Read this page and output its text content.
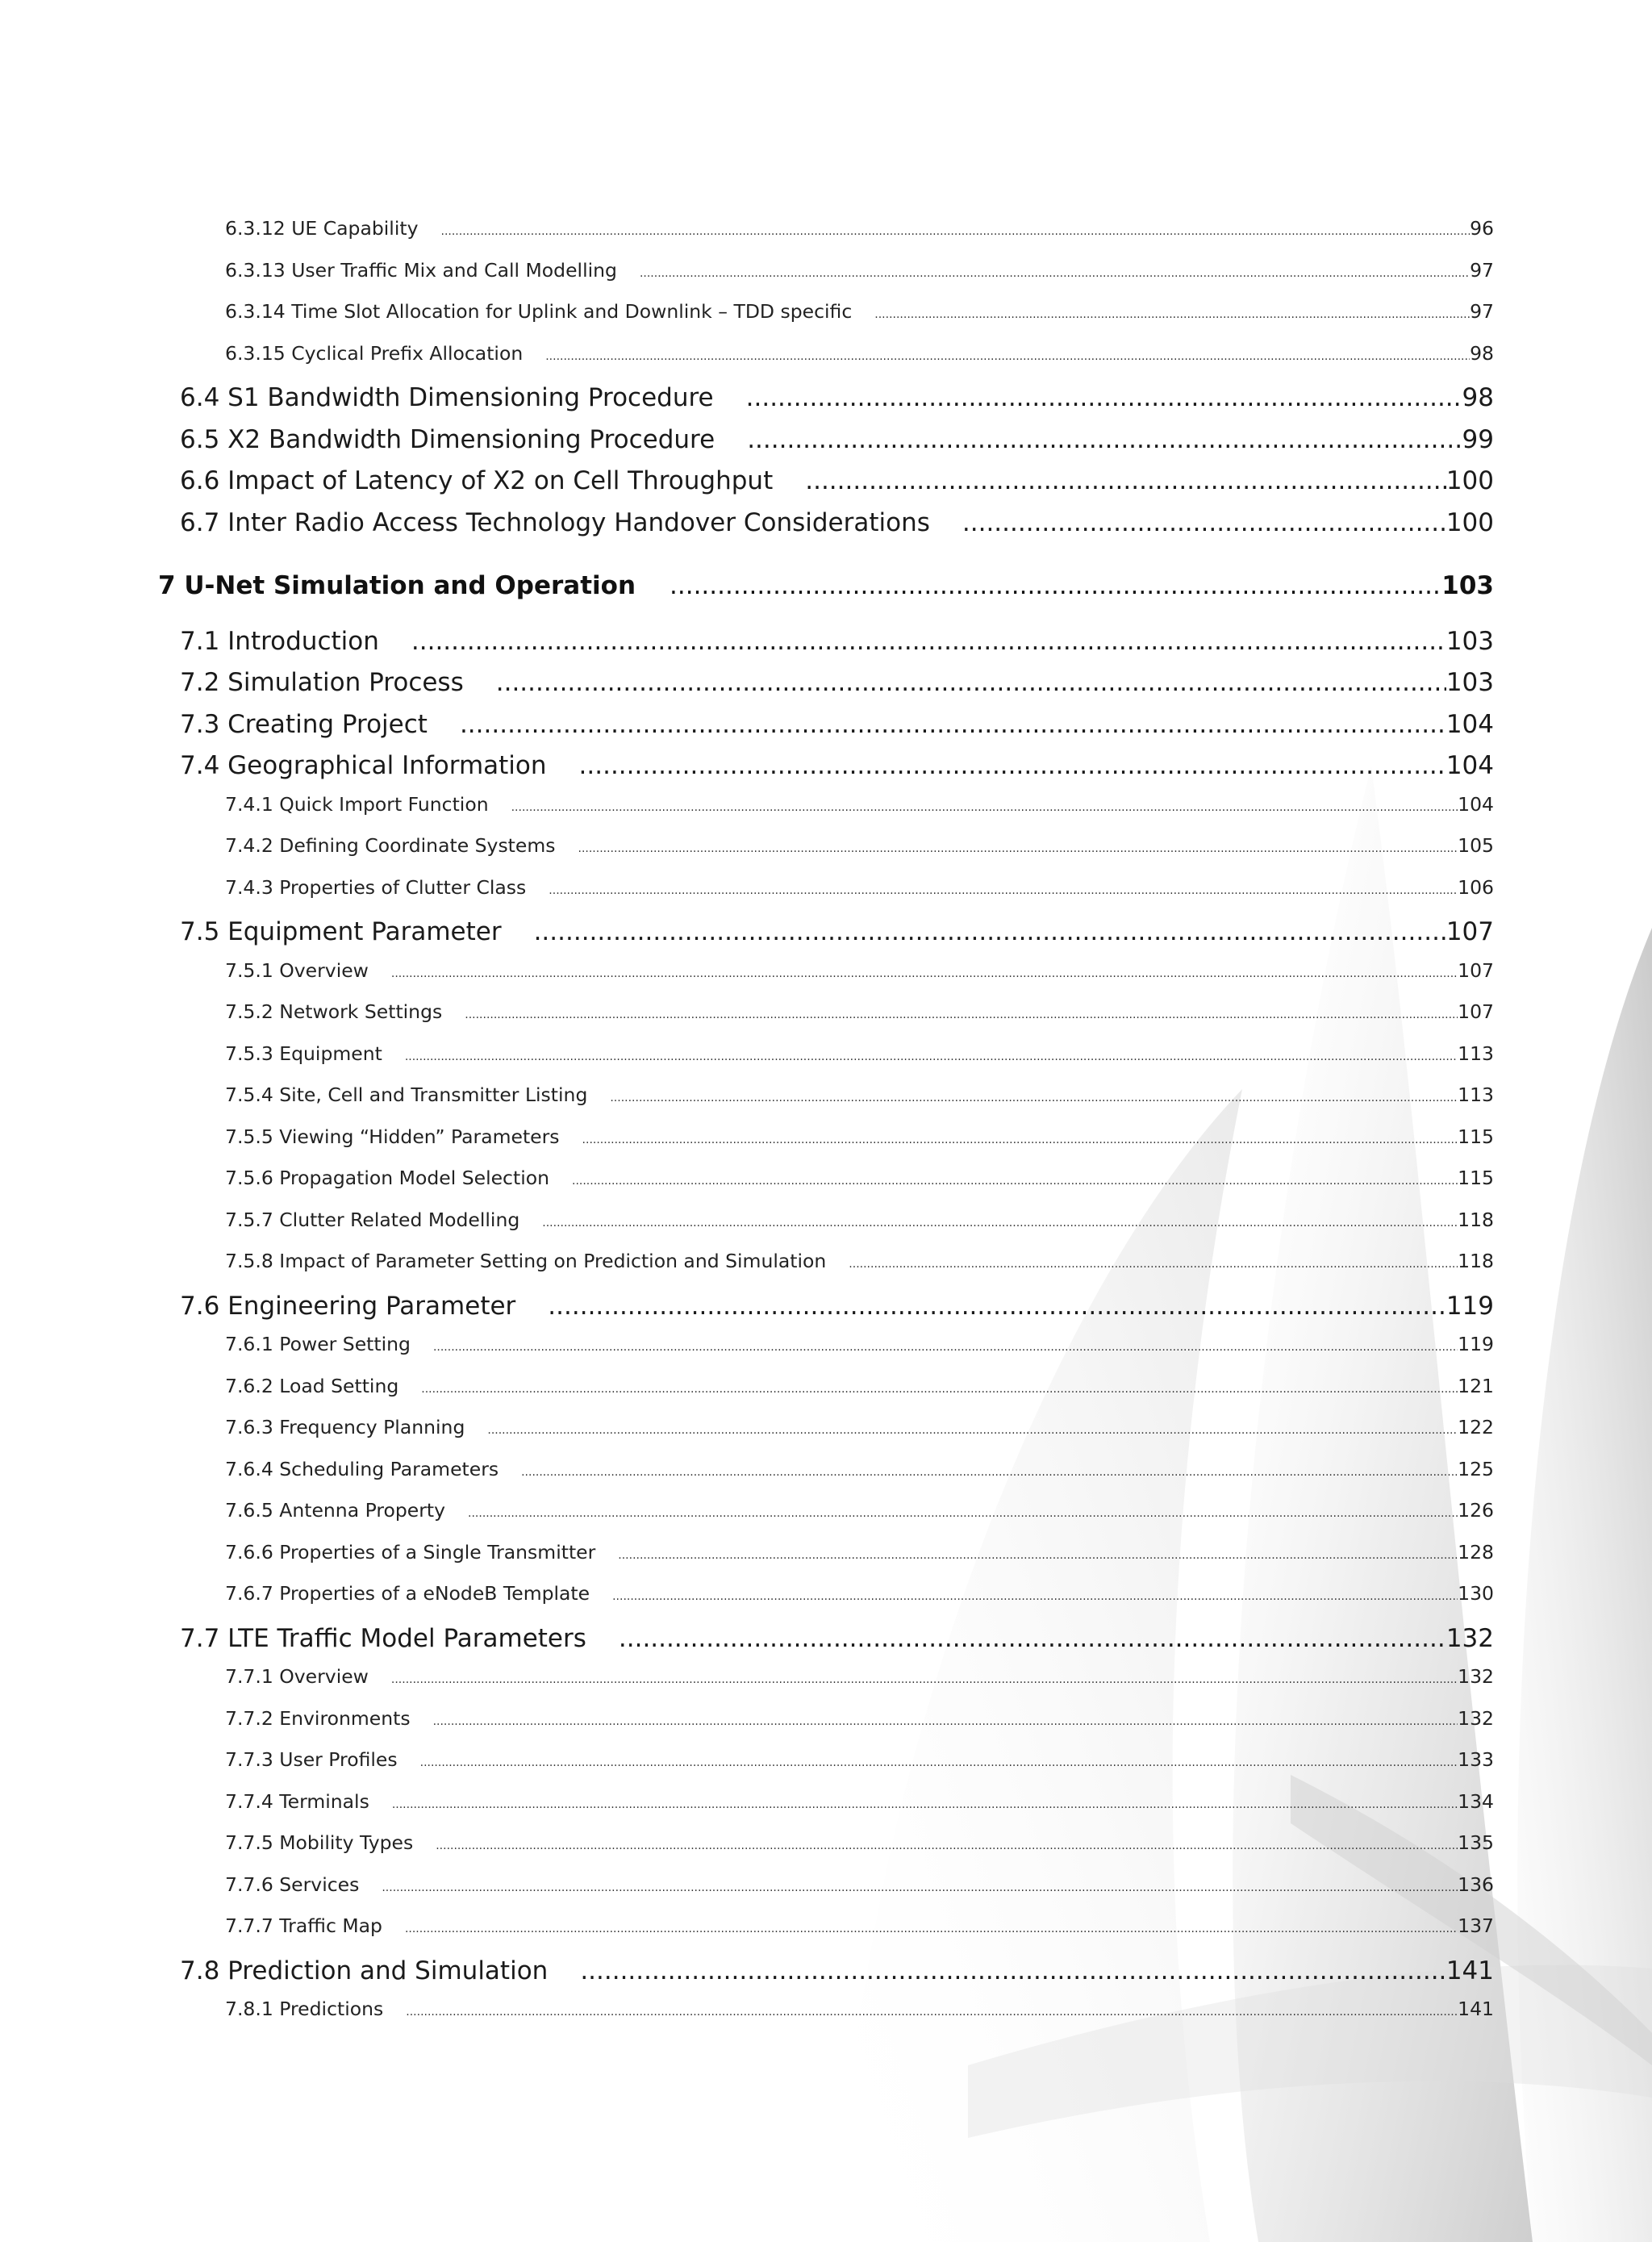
6.3.12 UE Capability .....	96
6.3.13 User Traffic Mix and Call Modelling .....	97
6.3.14 Time Slot Allocation for Uplink and Downlink – TDD specific .....	97
6.3.15 Cyclical Prefix Allocation .....	98
6.4 S1 Bandwidth Dimensioning Procedure .....	98
6.5 X2 Bandwidth Dimensioning Procedure .....	99
6.6 Impact of Latency of X2 on Cell Throughput .....	100
6.7 Inter Radio Access Technology Handover Considerations .....	100
7 U-Net Simulation and Operation .....	103
7.1 Introduction .....	103
7.2 Simulation Process .....	103
7.3 Creating Project .....	104
7.4 Geographical Information .....	104
7.4.1 Quick Import Function .....	104
7.4.2 Defining Coordinate Systems .....	105
7.4.3 Properties of Clutter Class .....	106
7.5 Equipment Parameter .....	107
7.5.1 Overview .....	107
7.5.2 Network Settings .....	107
7.5.3 Equipment .....	113
7.5.4 Site, Cell and Transmitter Listing .....	113
7.5.5 Viewing “Hidden” Parameters .....	115
7.5.6 Propagation Model Selection .....	115
7.5.7 Clutter Related Modelling .....	118
7.5.8 Impact of Parameter Setting on Prediction and Simulation .....	118
7.6 Engineering Parameter .....	119
7.6.1 Power Setting .....	119
7.6.2 Load Setting .....	121
7.6.3 Frequency Planning .....	122
7.6.4 Scheduling Parameters .....	125
7.6.5 Antenna Property .....	126
7.6.6 Properties of a Single Transmitter .....	128
7.6.7 Properties of a eNodeB Template .....	130
7.7 LTE Traffic Model Parameters .....	132
7.7.1 Overview .....	132
7.7.2 Environments .....	132
7.7.3 User Profiles .....	133
7.7.4 Terminals .....	134
7.7.5 Mobility Types .....	135
7.7.6 Services .....	136
7.7.7 Traffic Map .....	137
7.8 Prediction and Simulation .....	141
7.8.1 Predictions .....	141
